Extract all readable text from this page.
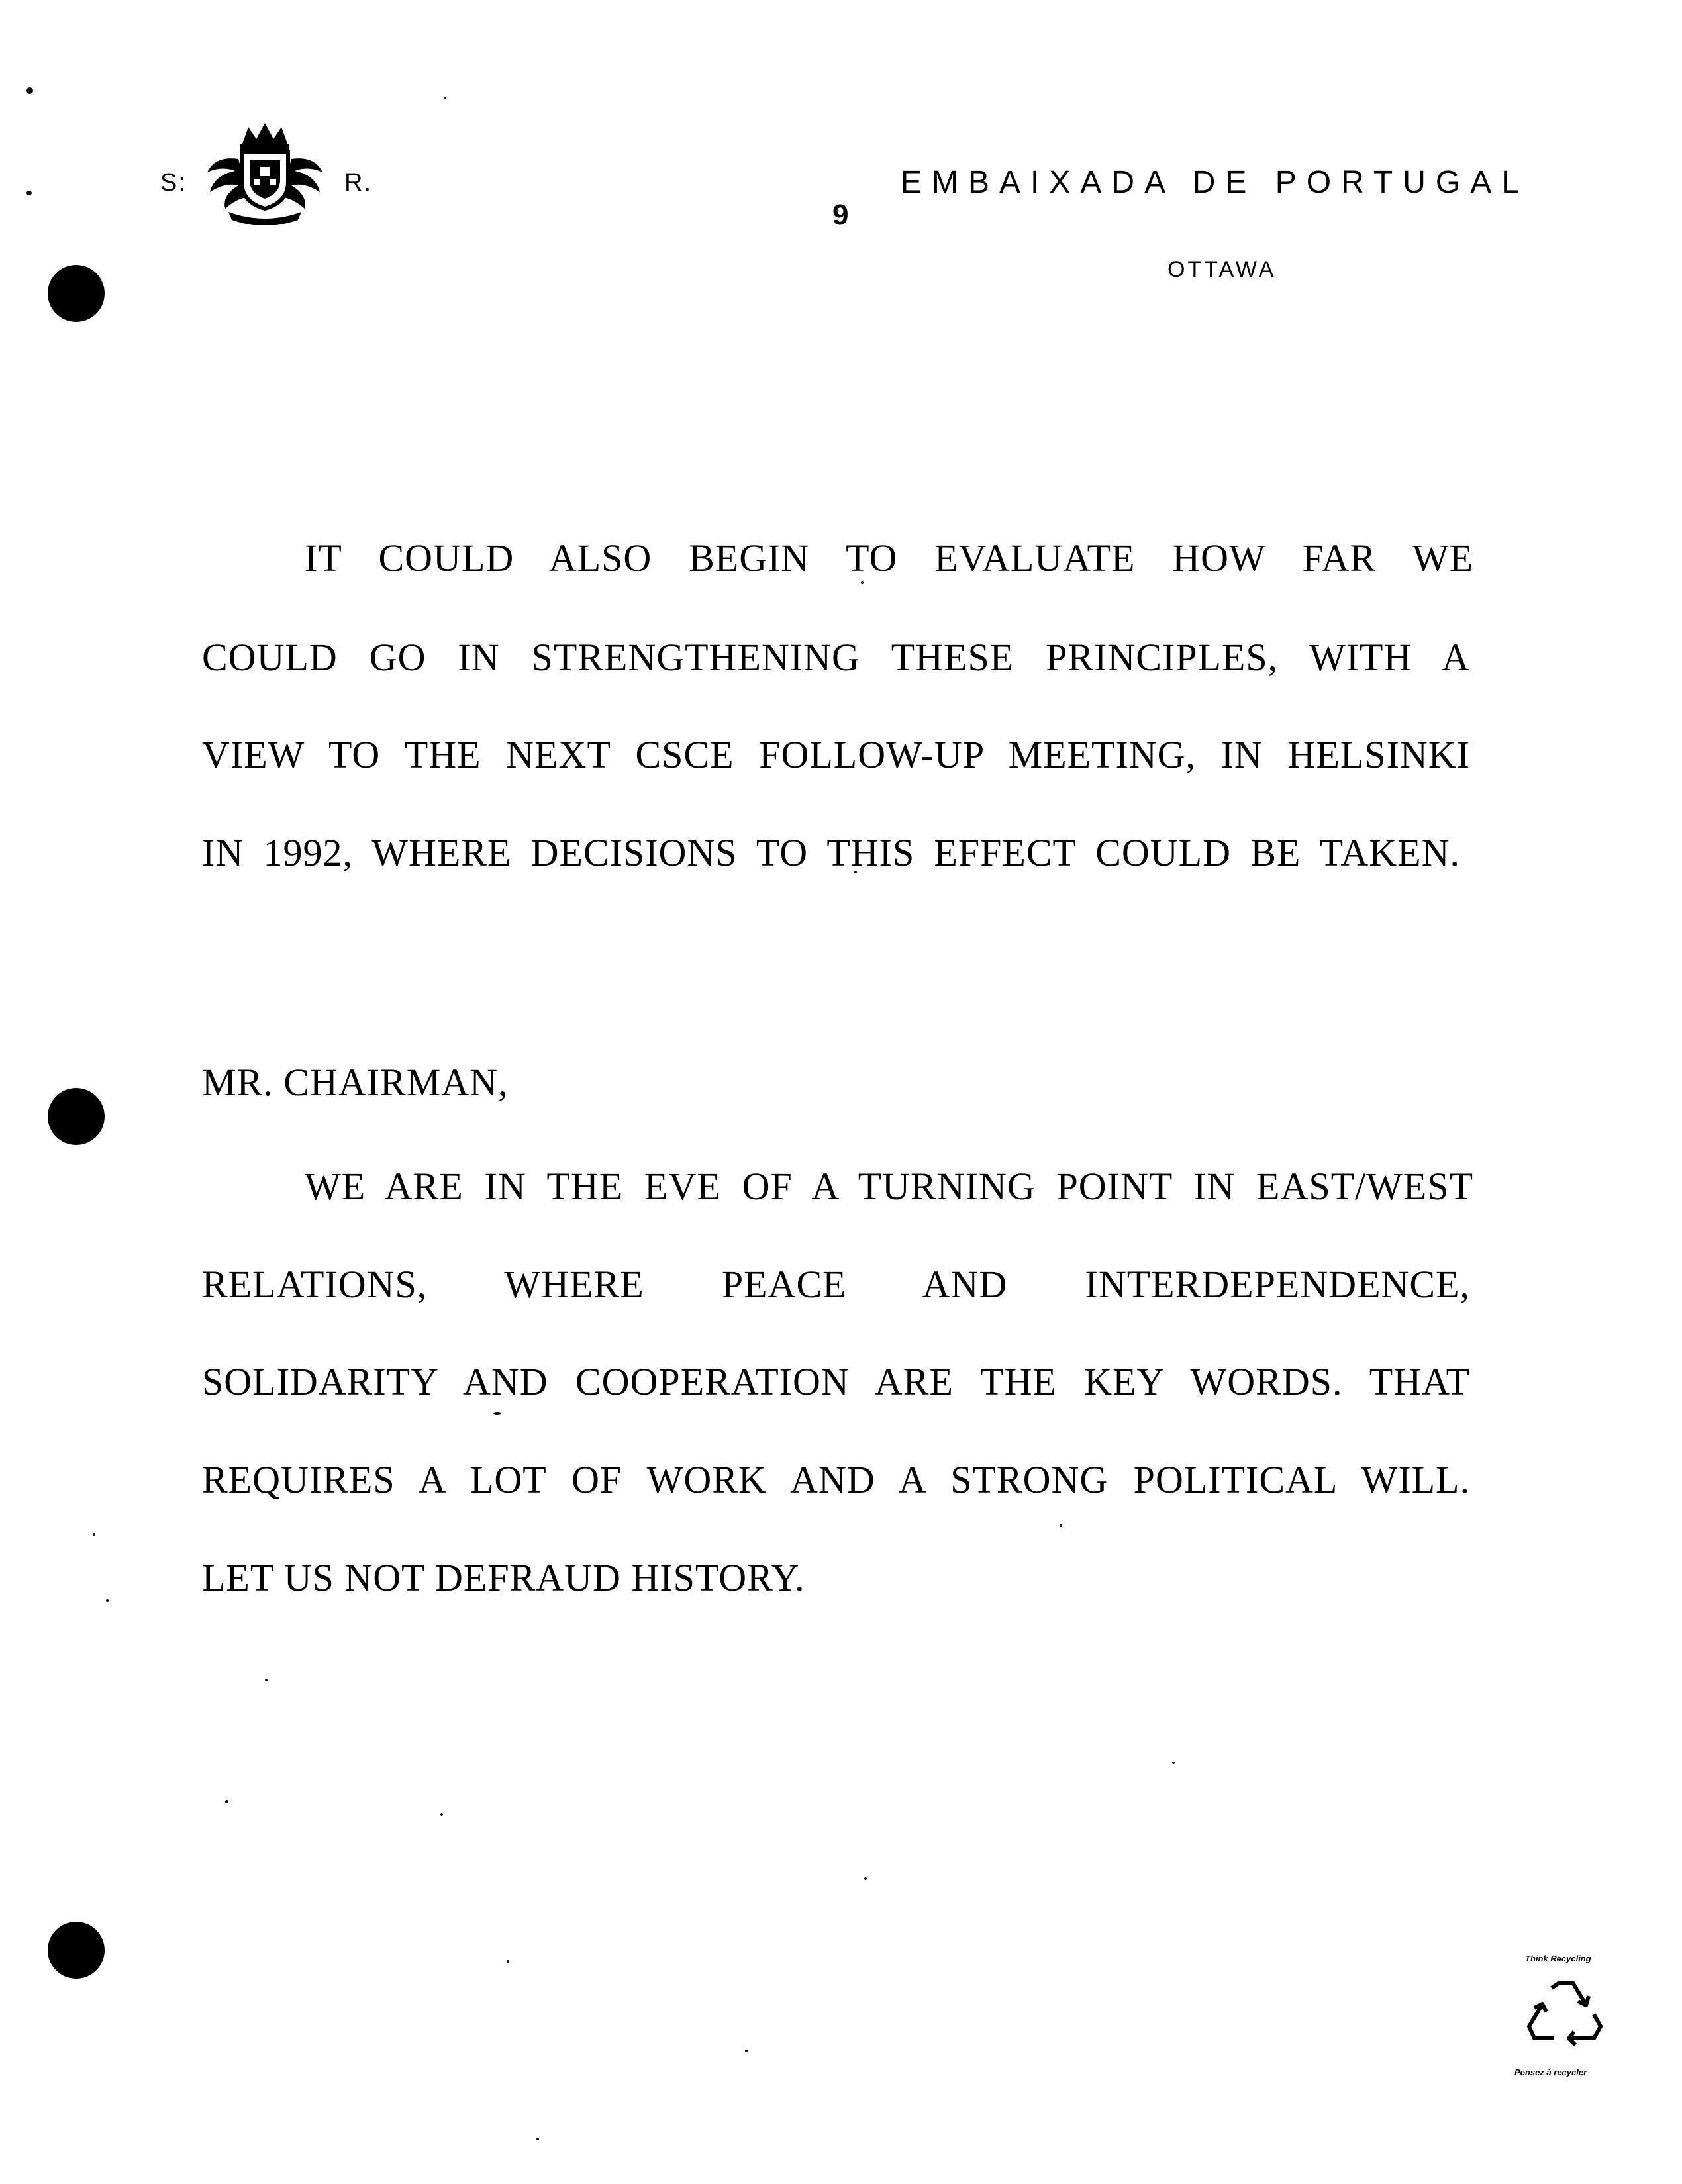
S:	R.
9
EMBAIXADA DE PORTUGAL
OTTAWA
IT COULD ALSO BEGIN TO EVALUATE HOW FAR WE
COULD GO IN STRENGTHENING THESE PRINCIPLES, WITH A
VIEW TO THE NEXT CSCE FOLLOW-UP MEETING, IN HELSINKI
IN 1992, WHERE DECISIONS TO THIS EFFECT COULD BE TAKEN.
MR. CHAIRMAN,
WE ARE IN THE EVE OF A TURNING POINT IN EAST/WEST
RELATIONS, WHERE PEACE AND INTERDEPENDENCE,
SOLIDARITY AND COOPERATION ARE THE KEY WORDS. THAT
REQUIRES A LOT OF WORK AND A STRONG POLITICAL WILL.
LET US NOT DEFRAUD HISTORY.
Think Recycling
Pensez à recycler
